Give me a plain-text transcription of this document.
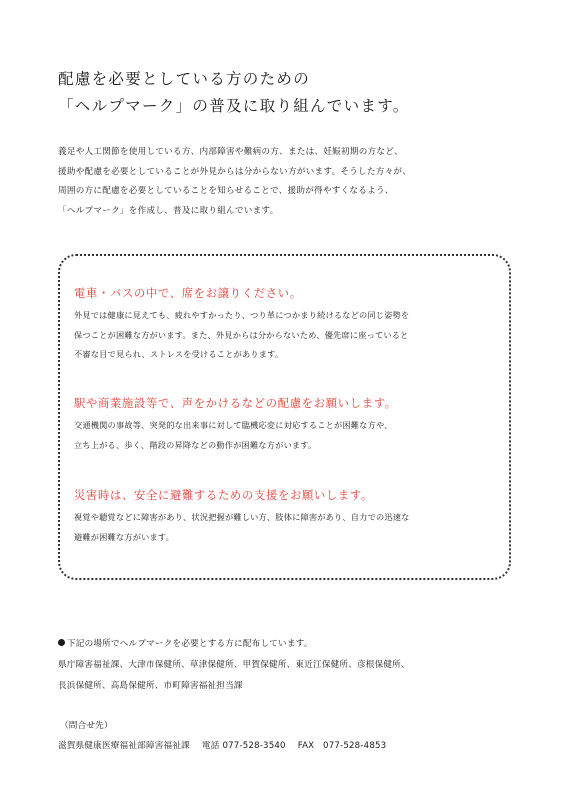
配慮を必要としている方のための
「ヘルプマーク」の普及に取り組んでいます。
義足や人工関節を使用している方、内部障害や難病の方、または、妊娠初期の方など、
援助や配慮を必要としていることが外見からは分からない方がいます。そうした方々が、
周囲の方に配慮を必要としていることを知らせることで、援助が得やすくなるよう、
「ヘルプマーク」を作成し、普及に取り組んでいます。
電車・バスの中で、席をお譲りください。
外見では健康に見えても、疲れやすかったり、つり革につかまり続けるなどの同じ姿勢を
保つことが困難な方がいます。また、外見からは分からないため、優先席に座っていると
不審な目で見られ、ストレスを受けることがあります。
駅や商業施設等で、声をかけるなどの配慮をお願いします。
交通機関の事故等、突発的な出来事に対して臨機応変に対応することが困難な方や、
立ち上がる、歩く、階段の昇降などの動作が困難な方がいます。
災害時は、安全に避難するための支援をお願いします。
視覚や聴覚などに障害があり、状況把握が難しい方、肢体に障害があり、自力での迅速な
避難が困難な方がいます。
下記の場所でヘルプマークを必要とする方に配布しています。
県庁障害福祉課、大津市保健所、草津保健所、甲賀保健所、東近江保健所、彦根保健所、
長浜保健所、高島保健所、市町障害福祉担当課
（問合せ先）
滋賀県健康医療福祉部障害福祉課 電話 077-528-3540 FAX　077-528-4853
